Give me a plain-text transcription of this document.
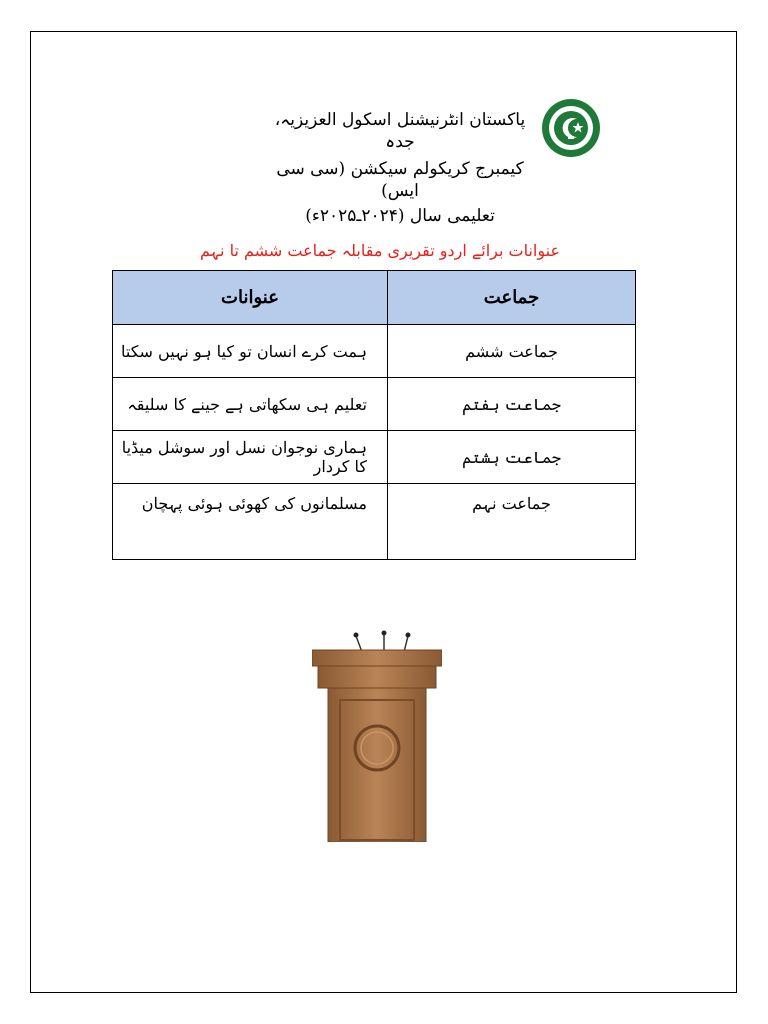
پاکستان انٹرنیشنل اسکول العزیزیہ، جدہ
کیمبرج کریکولم سیکشن (سی سی ایس)
تعلیمی سال (۲۰۲۴ـ۲۰۲۵ء)
عنوانات برائے اردو تقریری مقابلہ جماعت ششم تا نہم
جماعت	عنوانات
جماعت ششم	ہمت کرے انسان تو کیا ہو نہیں سکتا
جماعت ہفتم	تعلیم ہی سکھاتی ہے جینے کا سلیقہ
جماعت ہشتم	ہماری نوجوان نسل اور سوشل میڈیا کا کردار
جماعت نہم	مسلمانوں کی کھوئی ہوئی پہچان
